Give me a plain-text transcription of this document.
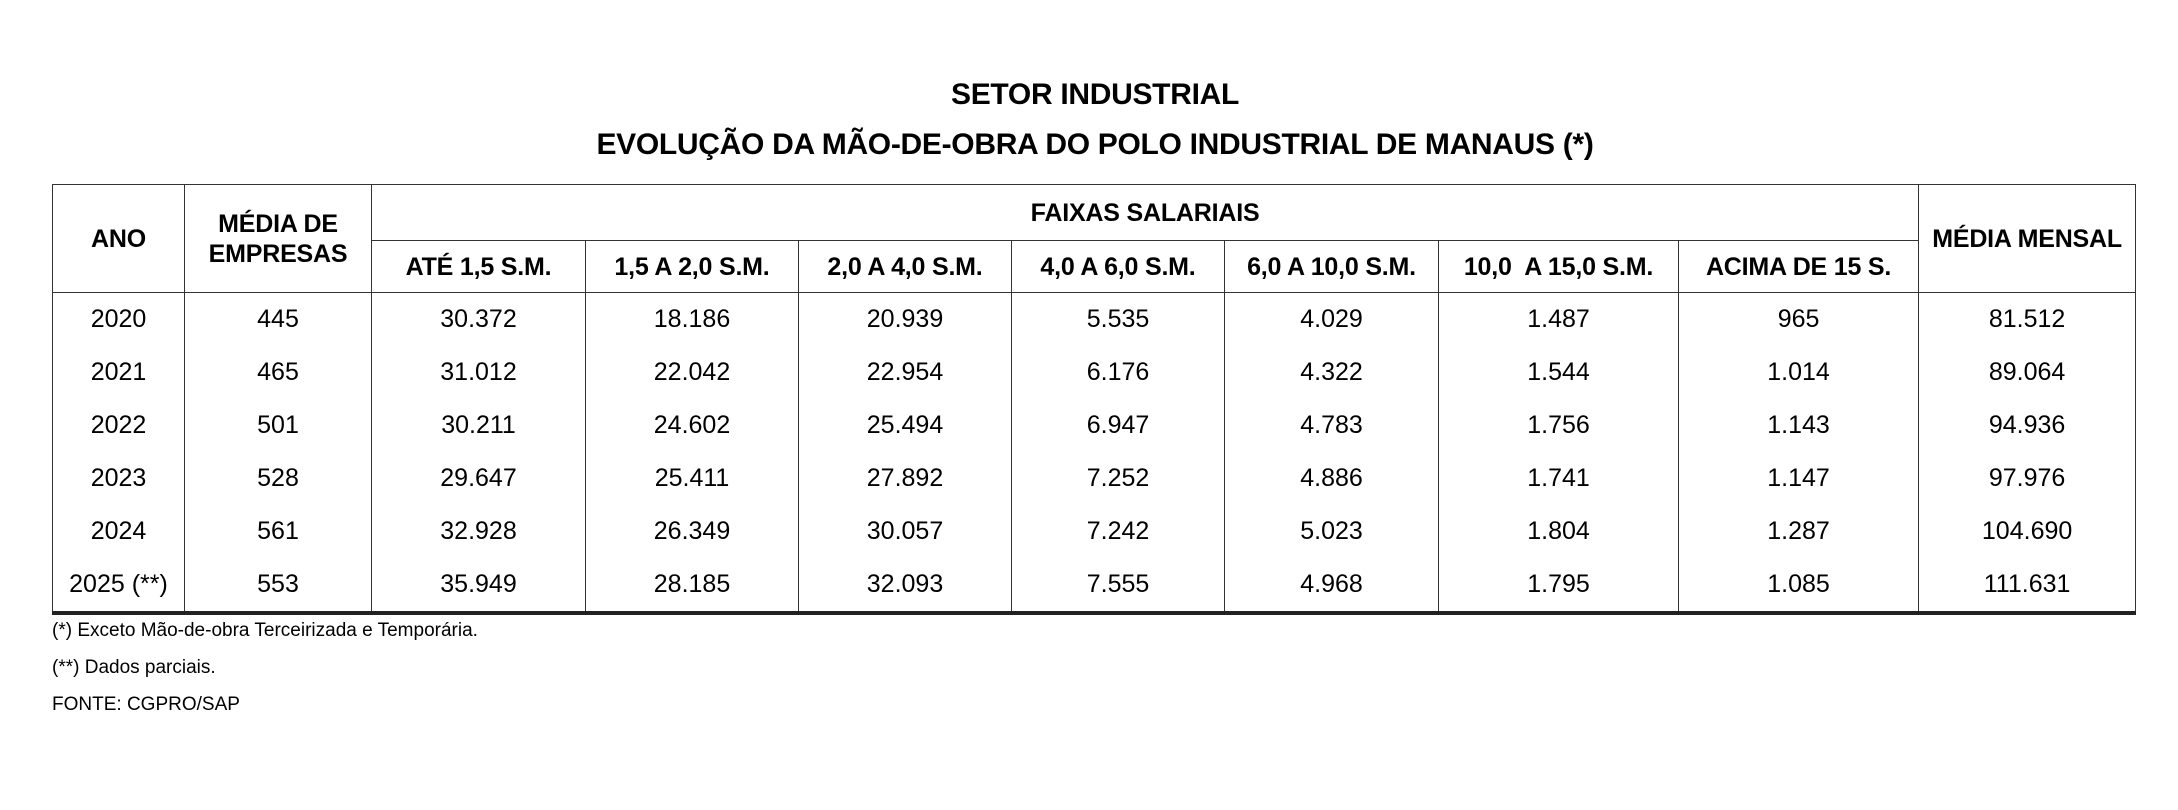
SETOR INDUSTRIAL
EVOLUÇÃO DA MÃO-DE-OBRA DO POLO INDUSTRIAL DE MANAUS (*)
ANO	MÉDIA DE EMPRESAS	FAIXAS SALARIAIS							MÉDIA MENSAL
		ATÉ 1,5 S.M.	1,5 A 2,0 S.M.	2,0 A 4,0 S.M.	4,0 A 6,0 S.M.	6,0 A 10,0 S.M.	10,0  A 15,0 S.M.	ACIMA DE 15 S.	
2020	445	30.372	18.186	20.939	5.535	4.029	1.487	965	81.512
2021	465	31.012	22.042	22.954	6.176	4.322	1.544	1.014	89.064
2022	501	30.211	24.602	25.494	6.947	4.783	1.756	1.143	94.936
2023	528	29.647	25.411	27.892	7.252	4.886	1.741	1.147	97.976
2024	561	32.928	26.349	30.057	7.242	5.023	1.804	1.287	104.690
2025 (**)	553	35.949	28.185	32.093	7.555	4.968	1.795	1.085	111.631
(*) Exceto Mão-de-obra Terceirizada e Temporária.
(**) Dados parciais.
FONTE: CGPRO/SAP
